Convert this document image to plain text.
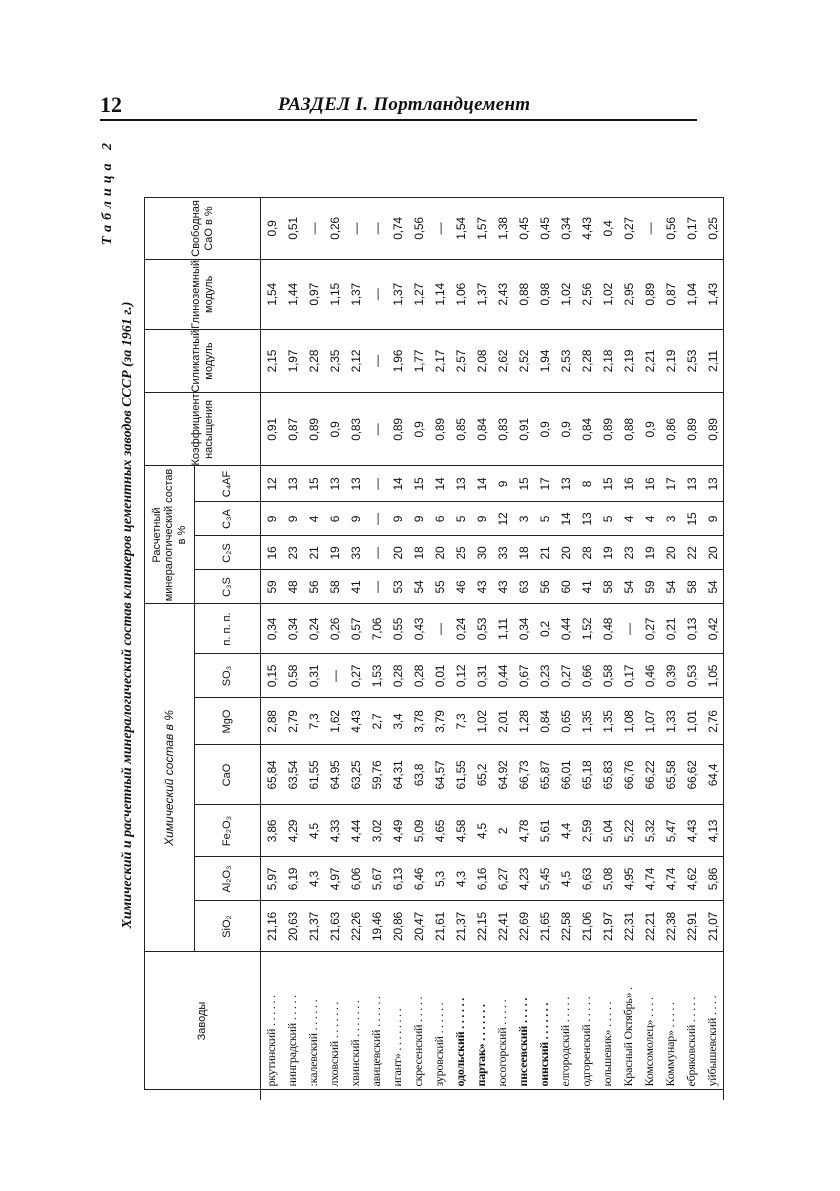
12	РАЗДЕЛ I. Портландцемент
Таблица 2
Химический и расчетный минералогический состав клинкеров цементных заводов СССР (за 1961 г.)
	Заводы	Химический состав в %							Расчетный минералогический состав в %				Коэффициент насыщения	Силикатный модуль	Глиноземный модуль	Свободная CaO в %
		SiO₂	Al₂O₃	Fe₂O₃	CaO	MgO	SO₃	п. п. п.	C₃S	C₂S	C₃A	C₄AF				
	ркутинский . . . . . .	21,16	5,97	3,86	65,84	2,88	0,15	0,34	59	16	9	12	0,91	2,15	1,54	0,9
	нинградский . . . . .	20,63	6,19	4,29	63,54	2,79	0,58	0,34	48	23	9	13	0,87	1,97	1,44	0,51
	:калевский . . . . . .	21,37	4,3	4,5	61,55	7,3	0,31	0,24	56	21	4	15	0,89	2,28	0,97	—
	лховский . . . . . . .	21,63	4,97	4,33	64,95	1,62	—	0,26	58	19	6	13	0,9	2,35	1,15	0,26
	хвинский . . . . . . .	22,26	6,06	4,44	63,25	4,43	0,27	0,57	41	33	9	13	0,83	2,12	1,37	—
	авицевский . . . . . .	19,46	5,67	3,02	59,76	2,7	1,53	7,06	—	—	—	—	—	—	—	—
	игант» . . . . . . . .	20,86	6,13	4,49	64,31	3,4	0,28	0,55	53	20	9	14	0,89	1,96	1,37	0,74
	скресенский . . . . .	20,47	6,46	5,09	63,8	3,78	0,28	0,43	54	18	9	15	0,9	1,77	1,27	0,56
	зуровский . . . . . .	21,61	5,3	4,65	64,57	3,79	0,01	—	55	20	6	14	0,89	2,17	1,14	—
	одольский . . . . . .	21,37	4,3	4,58	61,55	7,3	0,12	0,24	46	25	5	13	0,85	2,57	1,06	1,54
	партак» . . . . . . .	22,15	6,16	4,5	65,2	1,02	0,31	0,53	43	30	9	14	0,84	2,08	1,37	1,57
	юсогорский . . . . .	22,41	6,27	2	64,92	2,01	0,44	1,11	43	33	12	9	0,83	2,62	2,43	1,38
	пнсеевский . . . . .	22,69	4,23	4,78	66,73	1,28	0,67	0,34	63	18	3	15	0,91	2,52	0,88	0,45
	оинский . . . . . . .	21,65	5,45	5,61	65,87	0,84	0,23	0,2	56	21	5	17	0,9	1,94	0,98	0,45
	елгородский . . . . .	22,58	4,5	4,4	66,01	0,65	0,27	0,44	60	20	14	13	0,9	2,53	1,02	0,34
	одгоренский . . . . .	21,06	6,63	2,59	65,18	1,35	0,66	1,52	41	28	13	8	0,84	2,28	2,56	4,43
	юльшевик» . . . . .	21,97	5,08	5,04	65,83	1,35	0,58	0,48	58	19	5	15	0,89	2,18	1,02	0,4
	Красный Октябрь» .	22,31	4,95	5,22	66,76	1,08	0,17	—	54	23	4	16	0,88	2,19	2,95	0,27
	Комсомолец» . . . .	22,21	4,74	5,32	66,22	1,07	0,46	0,27	59	19	4	16	0,9	2,21	0,89	—
	Коммунар» . . . . .	22,38	4,74	5,47	65,58	1,33	0,39	0,21	54	20	3	17	0,86	2,19	0,87	0,56
	ебряковский . . . . .	22,91	4,62	4,43	66,62	1,01	0,53	0,13	58	22	15	13	0,89	2,53	1,04	0,17
	уйбышевский . . . .	21,07	5,86	4,13	64,4	2,76	1,05	0,42	54	20	9	13	0,89	2,11	1,43	0,25
